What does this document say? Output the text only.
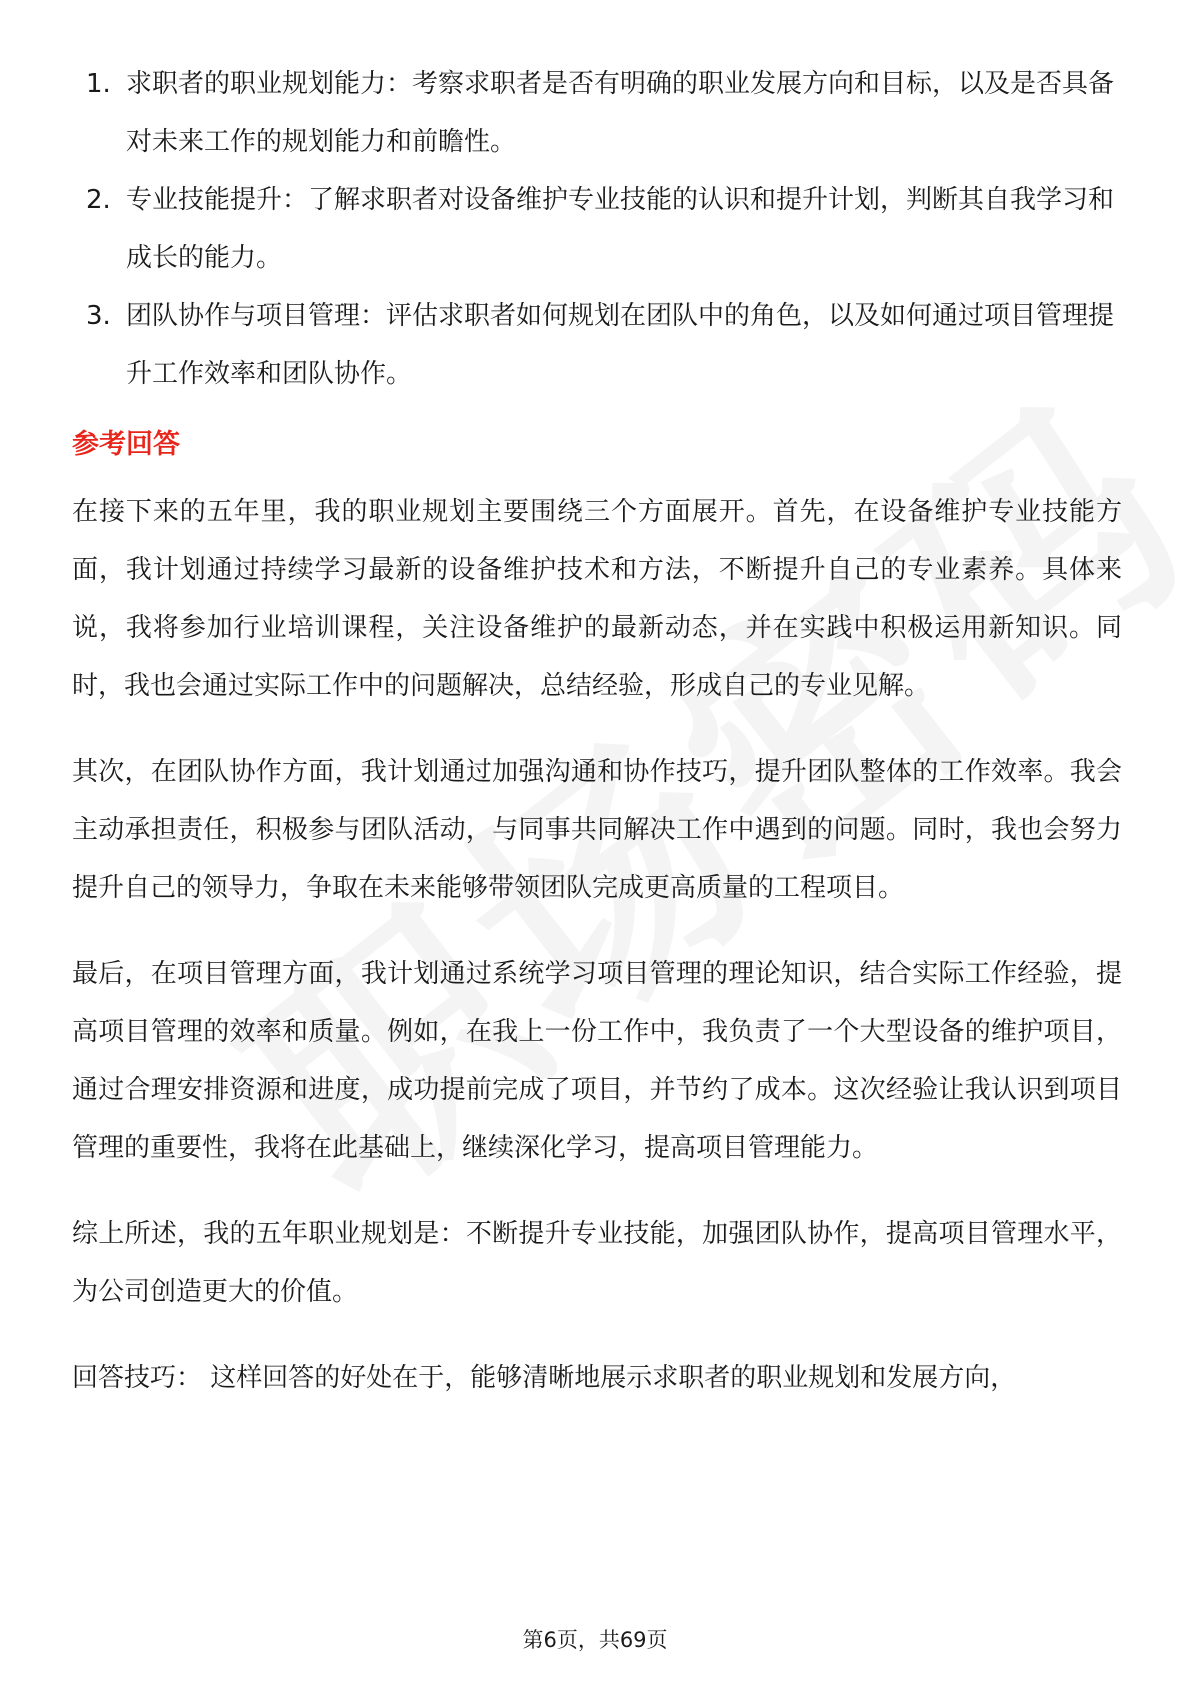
1. 求职者的职业规划能力：考察求职者是否有明确的职业发展方向和目标，以及是否具备对未来工作的规划能力和前瞻性。
2. 专业技能提升：了解求职者对设备维护专业技能的认识和提升计划，判断其自我学习和成长的能力。
3. 团队协作与项目管理：评估求职者如何规划在团队中的角色，以及如何通过项目管理提升工作效率和团队协作。
参考回答

在接下来的五年里，我的职业规划主要围绕三个方面展开。首先，在设备维护专业技能方面，我计划通过持续学习最新的设备维护技术和方法，不断提升自己的专业素养。具体来说，我将参加行业培训课程，关注设备维护的最新动态，并在实践中积极运用新知识。同时，我也会通过实际工作中的问题解决，总结经验，形成自己的专业见解。

其次，在团队协作方面，我计划通过加强沟通和协作技巧，提升团队整体的工作效率。我会主动承担责任，积极参与团队活动，与同事共同解决工作中遇到的问题。同时，我也会努力提升自己的领导力，争取在未来能够带领团队完成更高质量的工程项目。

最后，在项目管理方面，我计划通过系统学习项目管理的理论知识，结合实际工作经验，提高项目管理的效率和质量。例如，在我上一份工作中，我负责了一个大型设备的维护项目，通过合理安排资源和进度，成功提前完成了项目，并节约了成本。这次经验让我认识到项目管理的重要性，我将在此基础上，继续深化学习，提高项目管理能力。

综上所述，我的五年职业规划是：不断提升专业技能，加强团队协作，提高项目管理水平，为公司创造更大的价值。

回答技巧： 这样回答的好处在于，能够清晰地展示求职者的职业规划和发展方向，

第6页，共69页
